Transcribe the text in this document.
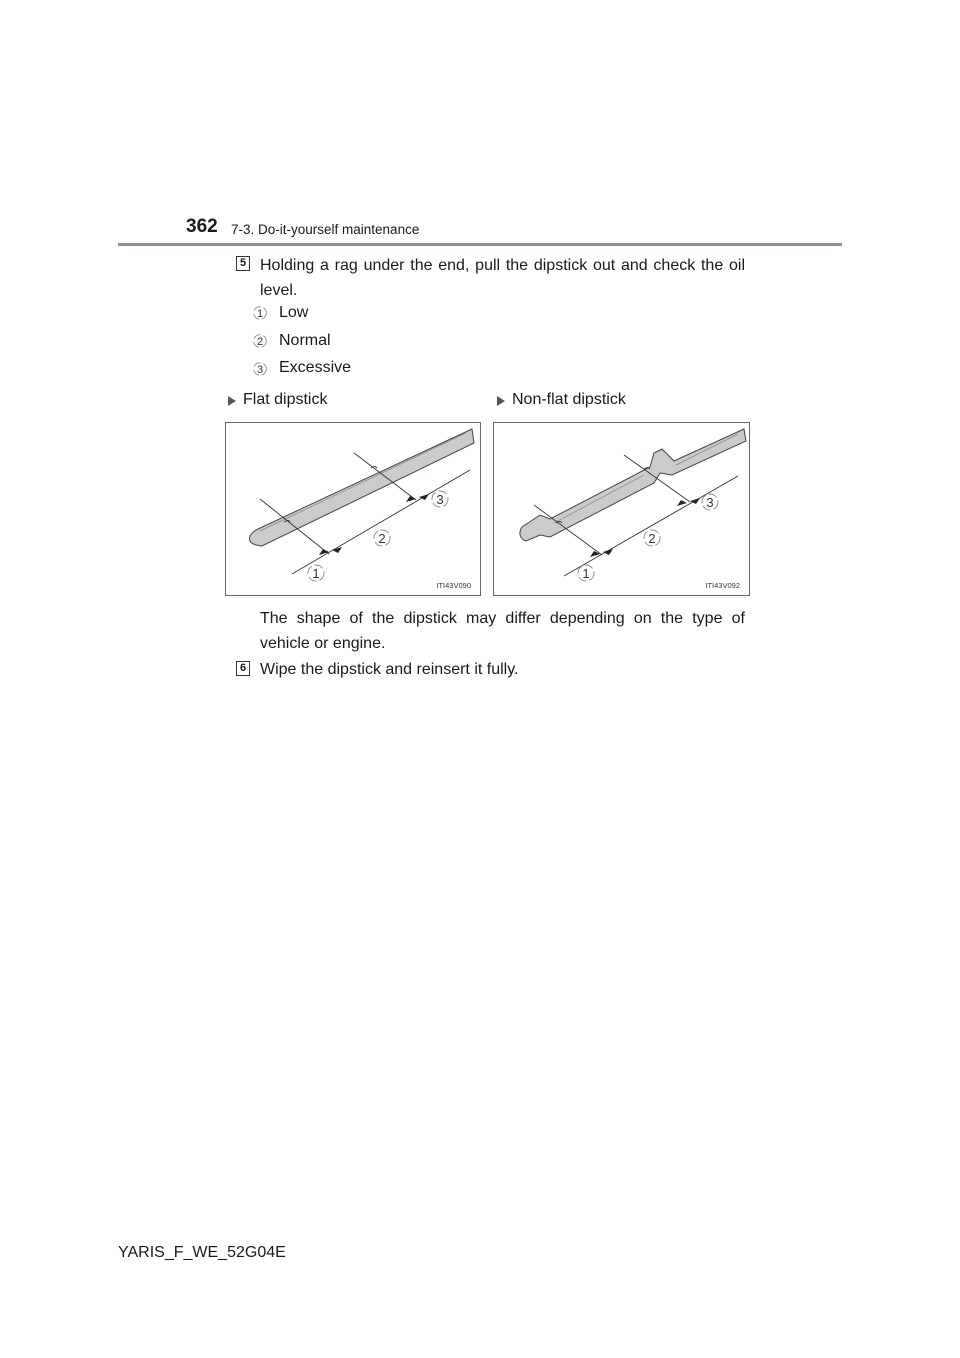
362 7-3. Do-it-yourself maintenance
5 Holding a rag under the end, pull the dipstick out and check the oil level.
1 Low
2 Normal
3 Excessive
Flat dipstick	Non-flat dipstick
1
2
3
ITI43V090
1
2
3
ITI43V092
The shape of the dipstick may differ depending on the type of vehicle or engine.
6 Wipe the dipstick and reinsert it fully.
YARIS_F_WE_52G04E
